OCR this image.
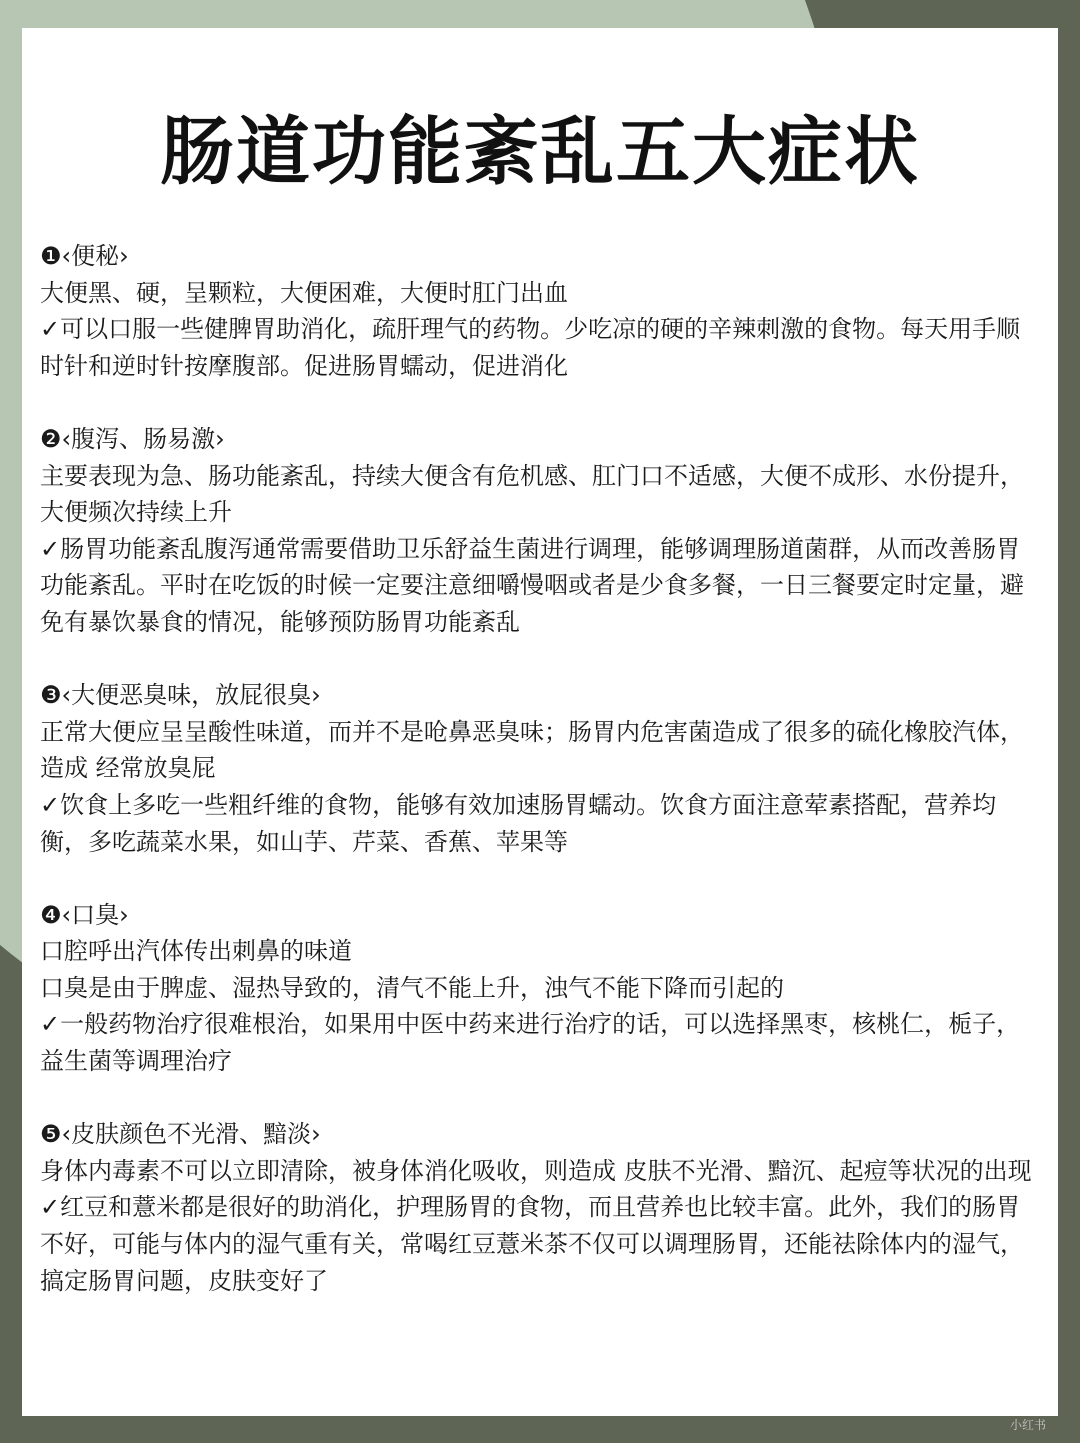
肠道功能紊乱五大症状
❶‹便秘›
大便黑、硬，呈颗粒，大便困难，大便时肛门出血
✓可以口服一些健脾胃助消化，疏肝理气的药物。少吃凉的硬的辛辣刺激的食物。每天用手顺时针和逆时针按摩腹部。促进肠胃蠕动，促进消化
❷‹腹泻、肠易激›
主要表现为急、肠功能紊乱，持续大便含有危机感、肛门口不适感，大便不成形、水份提升，大便频次持续上升
✓肠胃功能紊乱腹泻通常需要借助卫乐舒益生菌进行调理，能够调理肠道菌群，从而改善肠胃功能紊乱。平时在吃饭的时候一定要注意细嚼慢咽或者是少食多餐，一日三餐要定时定量，避免有暴饮暴食的情况，能够预防肠胃功能紊乱
❸‹大便恶臭味，放屁很臭›
正常大便应呈呈酸性味道，而并不是呛鼻恶臭味；肠胃内危害菌造成了很多的硫化橡胶汽体，造成 经常放臭屁
✓饮食上多吃一些粗纤维的食物，能够有效加速肠胃蠕动。饮食方面注意荤素搭配，营养均衡，多吃蔬菜水果，如山芋、芹菜、香蕉、苹果等
❹‹口臭›
口腔呼出汽体传出刺鼻的味道
口臭是由于脾虚、湿热导致的，清气不能上升，浊气不能下降而引起的
✓一般药物治疗很难根治，如果用中医中药来进行治疗的话，可以选择黑枣，核桃仁，栀子，益生菌等调理治疗
❺‹皮肤颜色不光滑、黯淡›
身体内毒素不可以立即清除，被身体消化吸收，则造成 皮肤不光滑、黯沉、起痘等状况的出现
✓红豆和薏米都是很好的助消化，护理肠胃的食物，而且营养也比较丰富。此外，我们的肠胃不好，可能与体内的湿气重有关，常喝红豆薏米茶不仅可以调理肠胃，还能祛除体内的湿气，搞定肠胃问题，皮肤变好了
小红书
